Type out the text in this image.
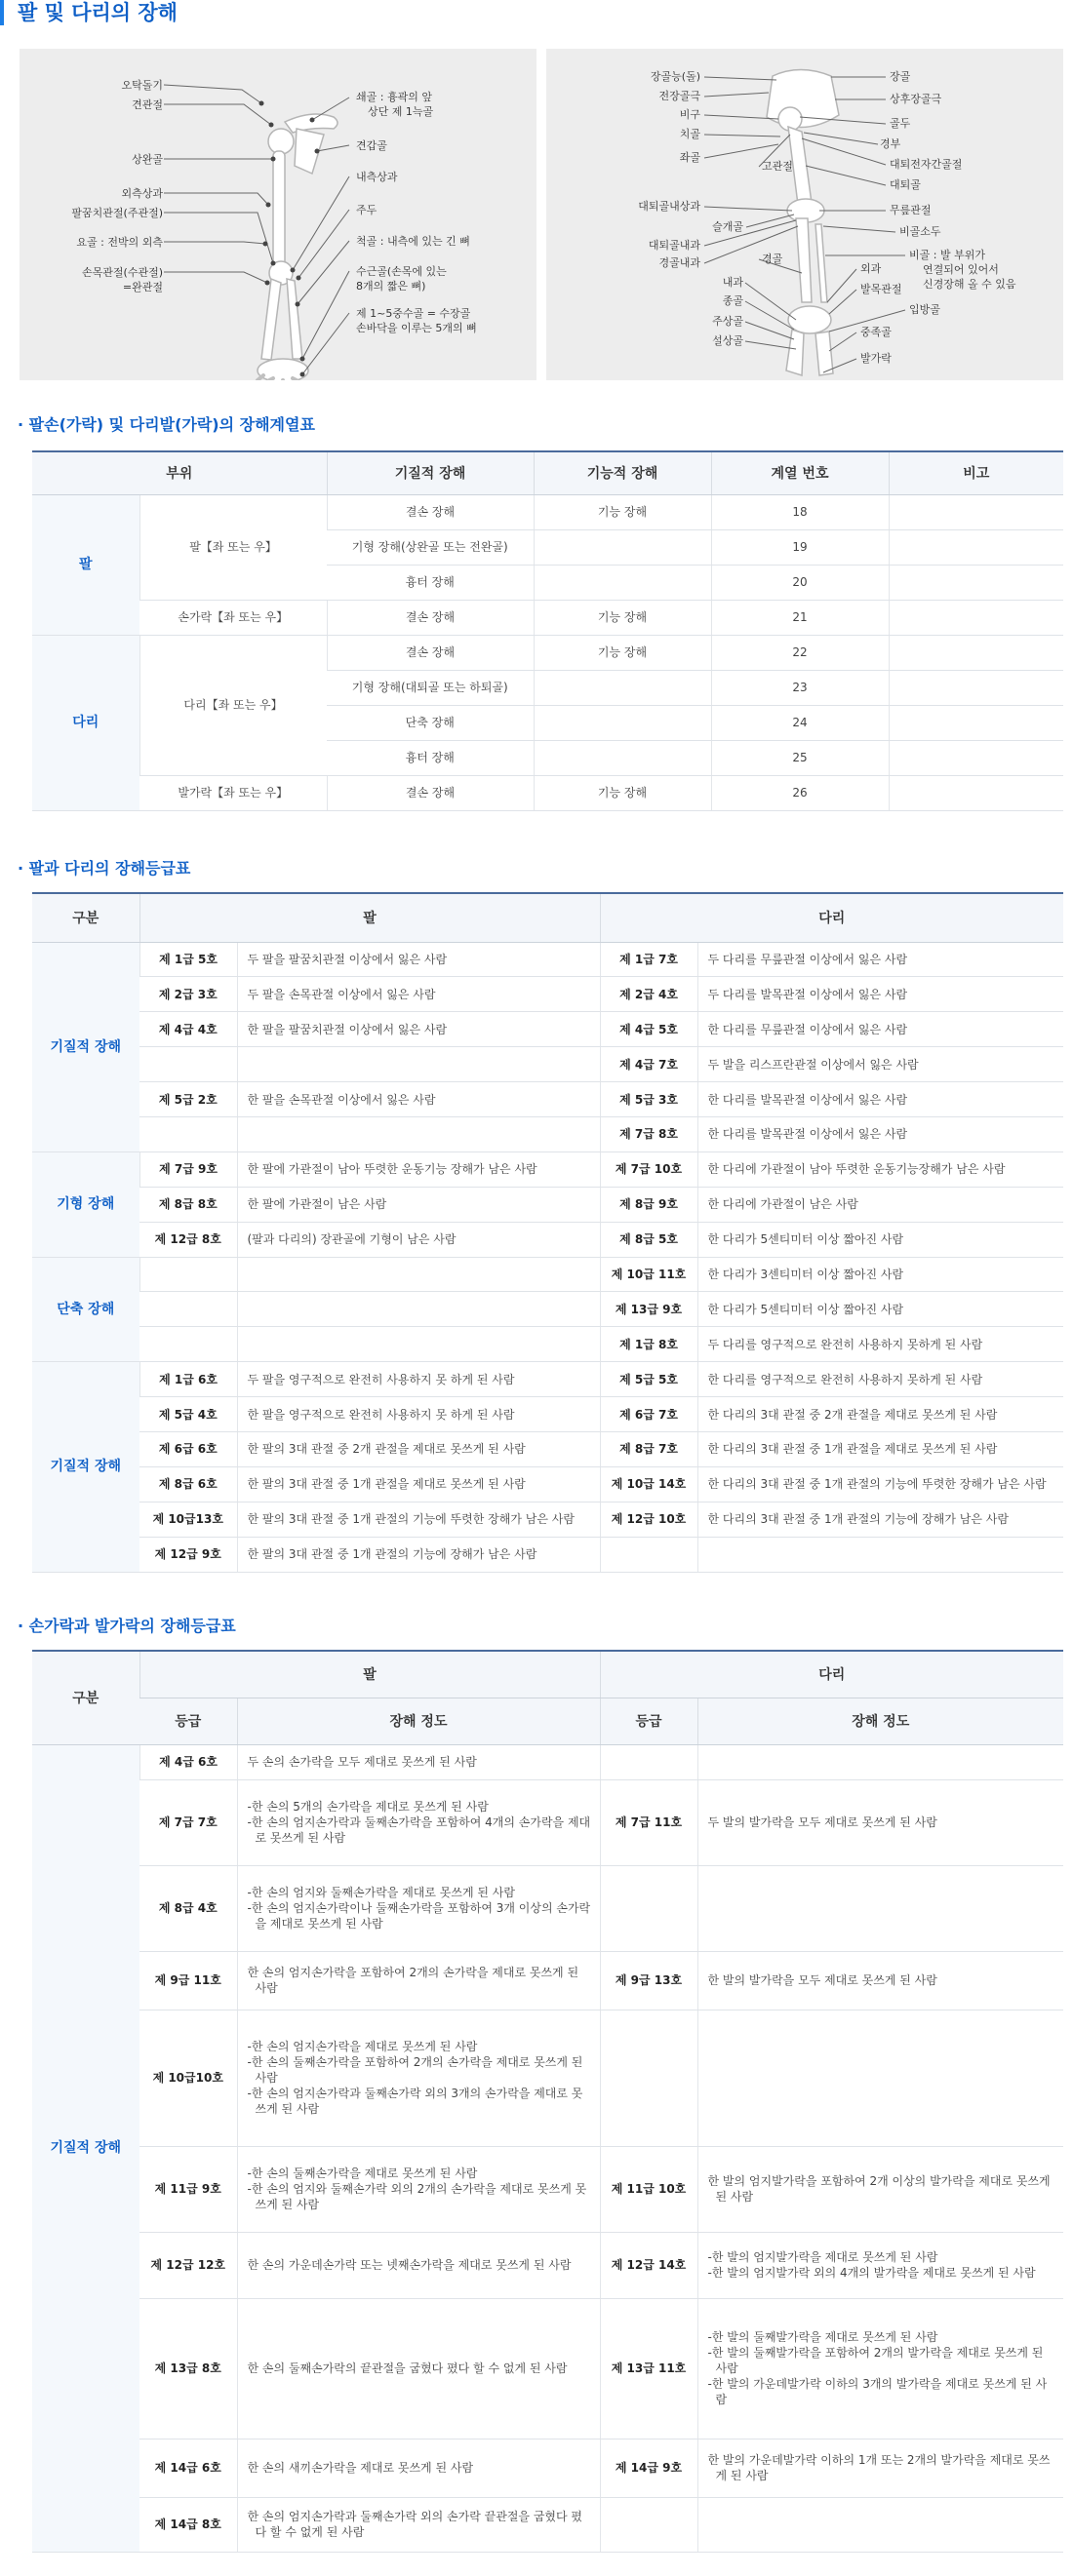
팔 및 다리의 장해
오탁돌기
견관절
상완골
외측상과
팔꿈치관절(주관절)
요골 : 전박의 외측
손목관절(수관절)
=완관절
쇄골 : 흉곽의 앞
상단 제 1늑골
견갑골
내측상과
주두
척골 : 내측에 있는 긴 뼈
수근골(손목에 있는
8개의 짧은 뼈)
제 1~5중수골 = 수장골
손바닥을 이루는 5개의 뼈
장골능(돌)
전장골극
비구
치골
좌골
고관절
대퇴골내상과
슬개골
대퇴골내과
경골내과	경골
내과
종골
주상골
설상골
장골
상후장골극
골두
경부
대퇴전자간골절
대퇴골
무릎관절
비골소두
비골 : 발 부위가
연결되어 있어서
신경장해 올 수 있음
외과
발목관절
입방골
중족골
발가락
· 팔손(가락) 및 다리발(가락)의 장해계열표
부위		기질적 장해	기능적 장해	계열 번호	비고
팔	팔【좌 또는 우】	결손 장해	기능 장해	18	
		기형 장해(상완골 또는 전완골)		19	
		흉터 장해		20	
	손가락【좌 또는 우】	결손 장해	기능 장해	21	
다리	다리【좌 또는 우】	결손 장해	기능 장해	22	
		기형 장해(대퇴골 또는 하퇴골)		23	
		단축 장해		24	
		흉터 장해		25	
	발가락【좌 또는 우】	결손 장해	기능 장해	26	
· 팔과 다리의 장해등급표
구분	팔		다리	
기질적 장해	제 1급 5호	두 팔을 팔꿈치관절 이상에서 잃은 사람	제 1급 7호	두 다리를 무릎관절 이상에서 잃은 사람
	제 2급 3호	두 팔을 손목관절 이상에서 잃은 사람	제 2급 4호	두 다리를 발목관절 이상에서 잃은 사람
	제 4급 4호	한 팔을 팔꿈치관절 이상에서 잃은 사람	제 4급 5호	한 다리를 무릎관절 이상에서 잃은 사람
			제 4급 7호	두 발을 리스프란관절 이상에서 잃은 사람
	제 5급 2호	한 팔을 손목관절 이상에서 잃은 사람	제 5급 3호	한 다리를 발목관절 이상에서 잃은 사람
			제 7급 8호	한 다리를 발목관절 이상에서 잃은 사람
기형 장해	제 7급 9호	한 팔에 가관절이 남아 뚜렷한 운동기능 장해가 남은 사람	제 7급 10호	한 다리에 가관절이 남아 뚜렷한 운동기능장해가 남은 사람
	제 8급 8호	한 팔에 가관절이 남은 사람	제 8급 9호	한 다리에 가관절이 남은 사람
	제 12급 8호	(팔과 다리의) 장관골에 기형이 남은 사람	제 8급 5호	한 다리가 5센티미터 이상 짧아진 사람
단축 장해			제 10급 11호	한 다리가 3센티미터 이상 짧아진 사람
			제 13급 9호	한 다리가 5센티미터 이상 짧아진 사람
			제 1급 8호	두 다리를 영구적으로 완전히 사용하지 못하게 된 사람
기질적 장해	제 1급 6호	두 팔을 영구적으로 완전히 사용하지 못 하게 된 사람	제 5급 5호	한 다리를 영구적으로 완전히 사용하지 못하게 된 사람
	제 5급 4호	한 팔을 영구적으로 완전히 사용하지 못 하게 된 사람	제 6급 7호	한 다리의 3대 관절 중 2개 관절을 제대로 못쓰게 된 사람
	제 6급 6호	한 팔의 3대 관절 중 2개 관절을 제대로 못쓰게 된 사람	제 8급 7호	한 다리의 3대 관절 중 1개 관절을 제대로 못쓰게 된 사람
	제 8급 6호	한 팔의 3대 관절 중 1개 관절을 제대로 못쓰게 된 사람	제 10급 14호	한 다리의 3대 관절 중 1개 관절의 기능에 뚜렷한 장해가 남은 사람
	제 10급13호	한 팔의 3대 관절 중 1개 관절의 기능에 뚜렷한 장해가 남은 사람	제 12급 10호	한 다리의 3대 관절 중 1개 관절의 기능에 장해가 남은 사람
	제 12급 9호	한 팔의 3대 관절 중 1개 관절의 기능에 장해가 남은 사람		
· 손가락과 발가락의 장해등급표
구분	팔		다리	
	등급	장해 정도	등급	장해 정도
기질적 장해	제 4급 6호	두 손의 손가락을 모두 제대로 못쓰게 된 사람		

	제 7급 7호	-한 손의 5개의 손가락을 제대로 못쓰게 된 사람
-한 손의 엄지손가락과 둘째손가락을 포함하여 4개의 손가락을 제대로 못쓰게 된 사람	제 7급 11호	두 발의 발가락을 모두 제대로 못쓰게 된 사람

	제 8급 4호	-한 손의 엄지와 둘째손가락을 제대로 못쓰게 된 사람
-한 손의 엄지손가락이나 둘째손가락을 포함하여 3개 이상의 손가락을 제대로 못쓰게 된 사람		

	제 9급 11호	한 손의 엄지손가락을 포함하여 2개의 손가락을 제대로 못쓰게 된 사람	제 9급 13호	한 발의 발가락을 모두 제대로 못쓰게 된 사람

	제 10급10호	-한 손의 엄지손가락을 제대로 못쓰게 된 사람
-한 손의 둘째손가락을 포함하여 2개의 손가락을 제대로 못쓰게 된 사람
-한 손의 엄지손가락과 둘째손가락 외의 3개의 손가락을 제대로 못쓰게 된 사람		

	제 11급 9호	-한 손의 둘째손가락을 제대로 못쓰게 된 사람
-한 손의 엄지와 둘째손가락 외의 2개의 손가락을 제대로 못쓰게 못쓰게 된 사람	제 11급 10호	한 발의 엄지발가락을 포함하여 2개 이상의 발가락을 제대로 못쓰게 된 사람

	제 12급 12호	한 손의 가운데손가락 또는 넷째손가락을 제대로 못쓰게 된 사람	제 12급 14호	-한 발의 엄지발가락을 제대로 못쓰게 된 사람
-한 발의 엄지발가락 외의 4개의 발가락을 제대로 못쓰게 된 사람

	제 13급 8호	한 손의 둘째손가락의 끝관절을 굽혔다 폈다 할 수 없게 된 사람	제 13급 11호	-한 발의 둘째발가락을 제대로 못쓰게 된 사람
-한 발의 둘째발가락을 포함하여 2개의 발가락을 제대로 못쓰게 된 사람
-한 발의 가운데발가락 이하의 3개의 발가락을 제대로 못쓰게 된 사람

	제 14급 6호	한 손의 새끼손가락을 제대로 못쓰게 된 사람	제 14급 9호	한 발의 가운데발가락 이하의 1개 또는 2개의 발가락을 제대로 못쓰게 된 사람

	제 14급 8호	한 손의 엄지손가락과 둘째손가락 외의 손가락 끝관절을 굽혔다 폈다 할 수 없게 된 사람		
